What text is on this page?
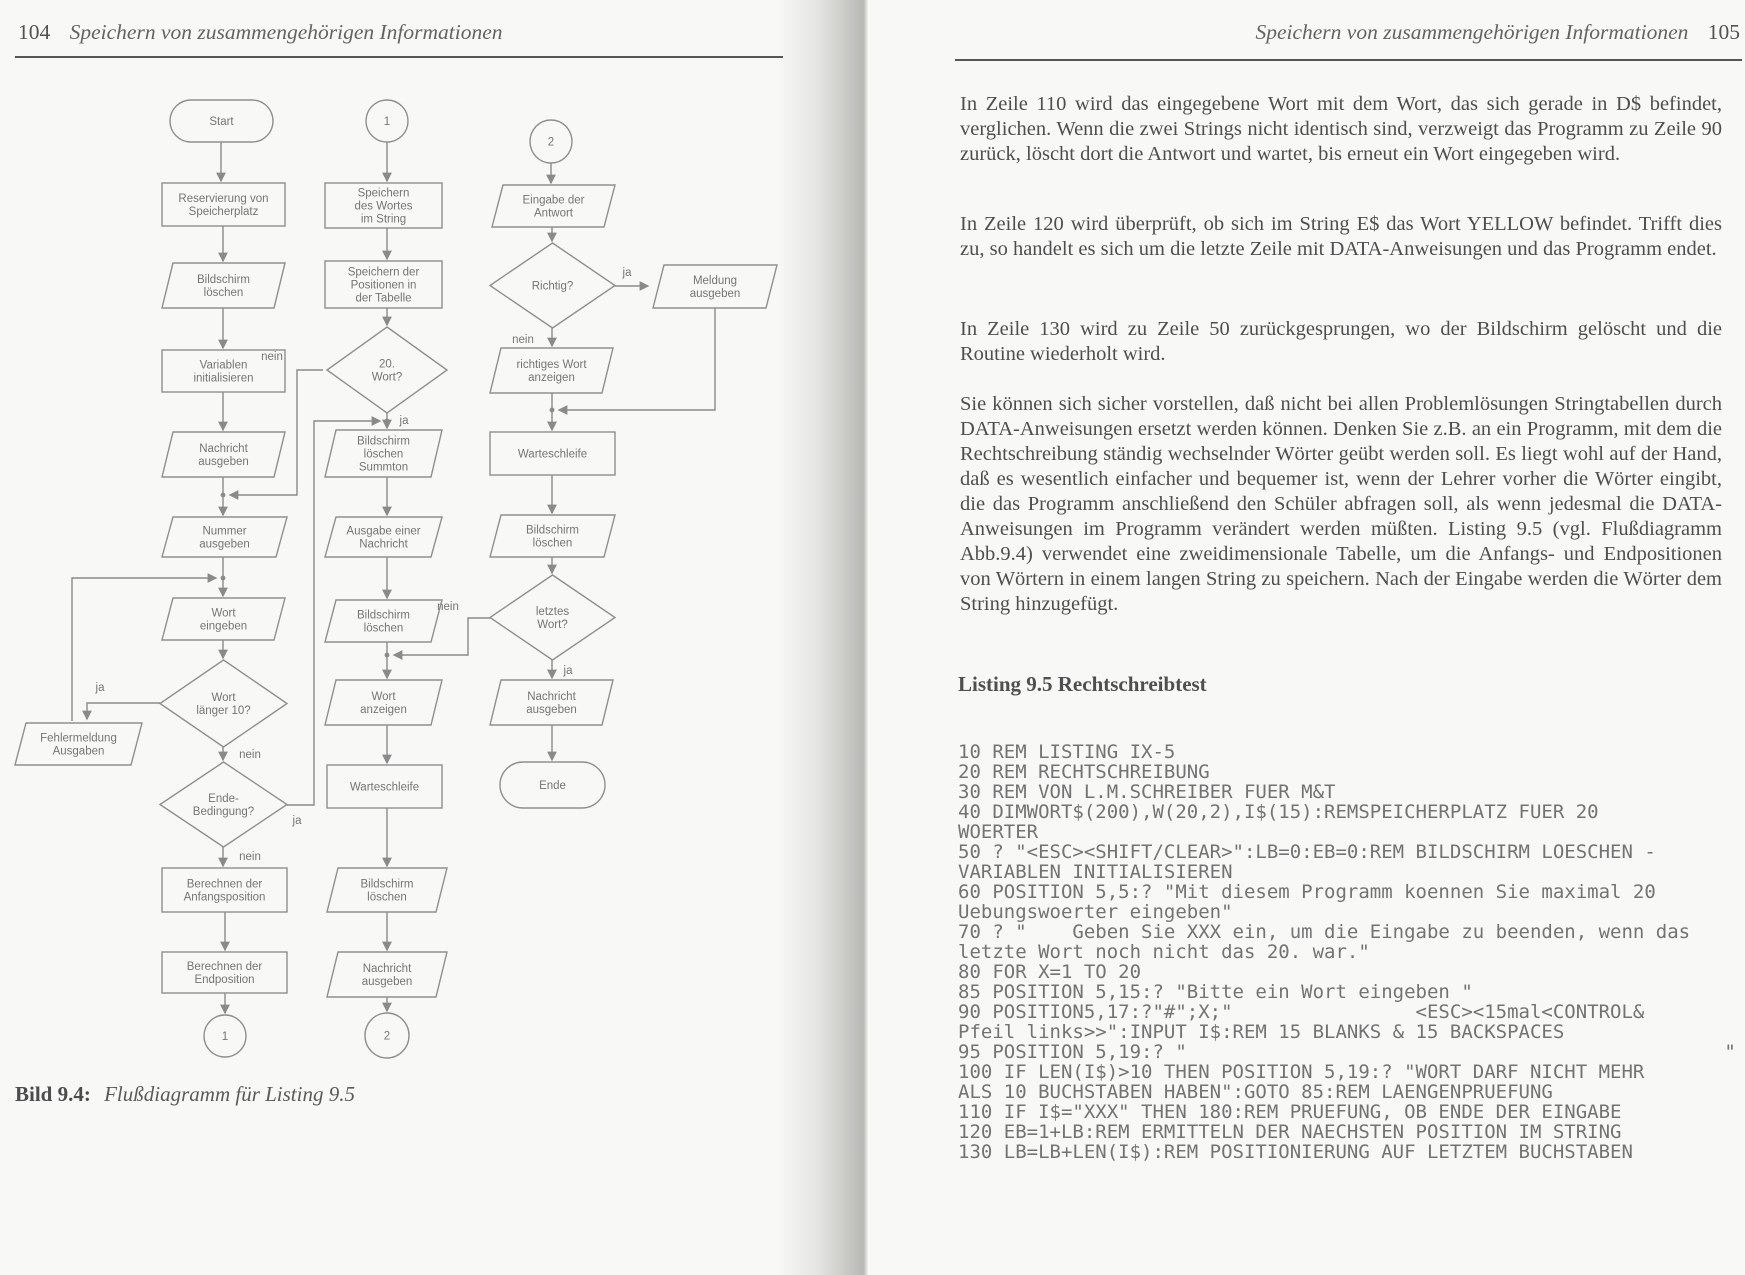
104 Speichern von zusammengehörigen Informationen
nein
ja
nein
ja
nein
ja
ja
nein
nein
ja
Start
Reservierung von
Speicherplatz
Bildschirm
löschen
Variablen
initialisieren
Nachricht
ausgeben
Nummer
ausgeben
Wort
eingeben
Wort
länger 10?
Fehlermeldung
Ausgaben
Ende-
Bedingung?
Berechnen der
Anfangsposition
Berechnen der
Endposition
1
1
Speichern
des Wortes
im String
Speichern der
Positionen in
der Tabelle
20.
Wort?
Bildschirm
löschen
Summton
Ausgabe einer
Nachricht
Bildschirm
löschen
Wort
anzeigen
Warteschleife
Bildschirm
löschen
Nachricht
ausgeben
2
2
Eingabe der
Antwort
Richtig?	Meldung
ausgeben
richtiges Wort
anzeigen
Warteschleife
Bildschirm
löschen
letztes
Wort?
Nachricht
ausgeben
Ende
Bild 9.4: Flußdiagramm für Listing 9.5
Speichern von zusammengehörigen Informationen 105
In Zeile 110 wird das eingegebene Wort mit dem Wort, das sich gerade in D$ befindet, verglichen. Wenn die zwei Strings nicht identisch sind, verzweigt das Programm zu Zeile 90 zurück, löscht dort die Antwort und wartet, bis erneut ein Wort eingegeben wird.
In Zeile 120 wird überprüft, ob sich im String E$ das Wort YELLOW befindet. Trifft dies zu, so handelt es sich um die letzte Zeile mit DATA-Anweisungen und das Programm endet.
In Zeile 130 wird zu Zeile 50 zurückgesprungen, wo der Bildschirm gelöscht und die Routine wiederholt wird.
Sie können sich sicher vorstellen, daß nicht bei allen Problemlösungen Stringtabellen durch DATA-Anweisungen ersetzt werden können. Denken Sie z.B. an ein Programm, mit dem die Rechtschreibung ständig wechselnder Wörter geübt werden soll. Es liegt wohl auf der Hand, daß es wesentlich einfacher und bequemer ist, wenn der Lehrer vorher die Wörter eingibt, die das Programm anschließend den Schüler abfragen soll, als wenn jedesmal die DATA-Anweisungen im Programm verändert werden müßten. Listing 9.5 (vgl. Flußdiagramm Abb.9.4) verwendet eine zweidimensionale Tabelle, um die Anfangs- und Endpositionen von Wörtern in einem langen String zu speichern. Nach der Eingabe werden die Wörter dem String hinzugefügt.
Listing 9.5 Rechtschreibtest
10 REM LISTING IX-5
20 REM RECHTSCHREIBUNG
30 REM VON L.M.SCHREIBER FUER M&T
40 DIMWORT$(200),W(20,2),I$(15):REMSPEICHERPLATZ FUER 20
WOERTER
50 ? "<ESC><SHIFT/CLEAR>":LB=0:EB=0:REM BILDSCHIRM LOESCHEN -
VARIABLEN INITIALISIEREN
60 POSITION 5,5:? "Mit diesem Programm koennen Sie maximal 20
Uebungswoerter eingeben"
70 ? "    Geben Sie XXX ein, um die Eingabe zu beenden, wenn das
letzte Wort noch nicht das 20. war."
80 FOR X=1 TO 20
85 POSITION 5,15:? "Bitte ein Wort eingeben "
90 POSITION5,17:?"#";X;"                <ESC><15mal<CONTROL&
Pfeil links>>":INPUT I$:REM 15 BLANKS & 15 BACKSPACES
95 POSITION 5,19:? "                                               "
100 IF LEN(I$)>10 THEN POSITION 5,19:? "WORT DARF NICHT MEHR
ALS 10 BUCHSTABEN HABEN":GOTO 85:REM LAENGENPRUEFUNG
110 IF I$="XXX" THEN 180:REM PRUEFUNG, OB ENDE DER EINGABE
120 EB=1+LB:REM ERMITTELN DER NAECHSTEN POSITION IM STRING
130 LB=LB+LEN(I$):REM POSITIONIERUNG AUF LETZTEM BUCHSTABEN
